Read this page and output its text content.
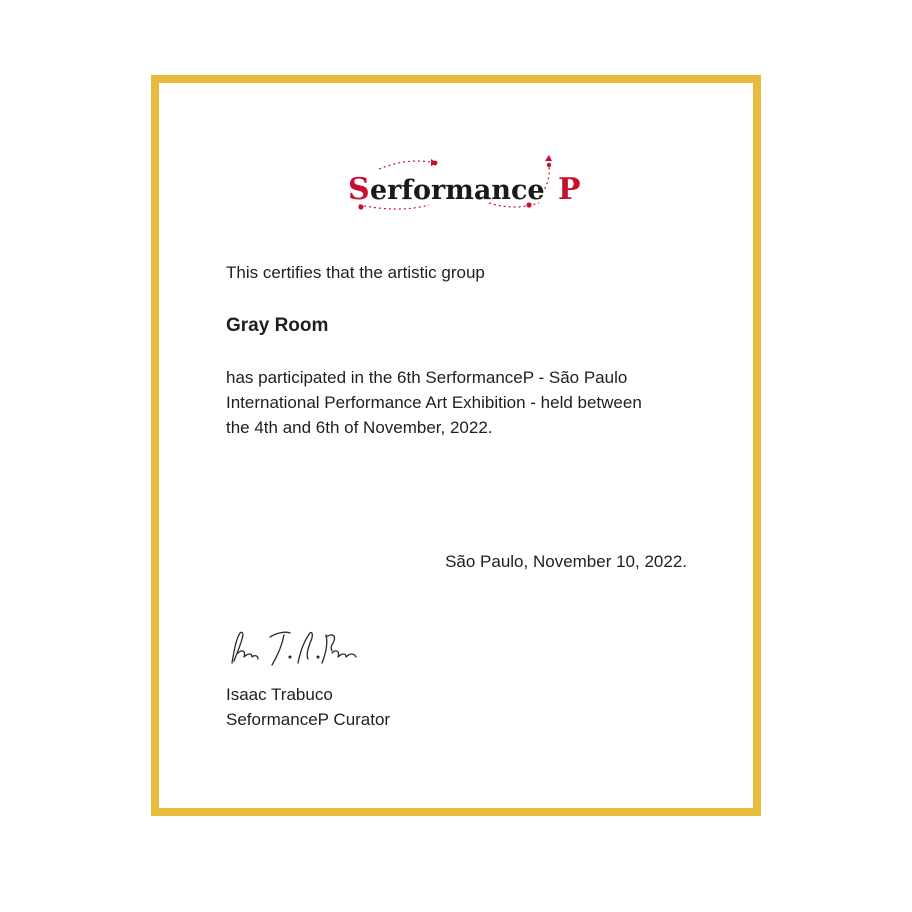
S erformance P
This certifies that the artistic group
Gray Room
has participated in the 6th SerformanceP - São Paulo
International Performance Art Exhibition - held between
the 4th and 6th of November, 2022.
São Paulo, November 10, 2022.
Isaac Trabuco
SeformanceP Curator
